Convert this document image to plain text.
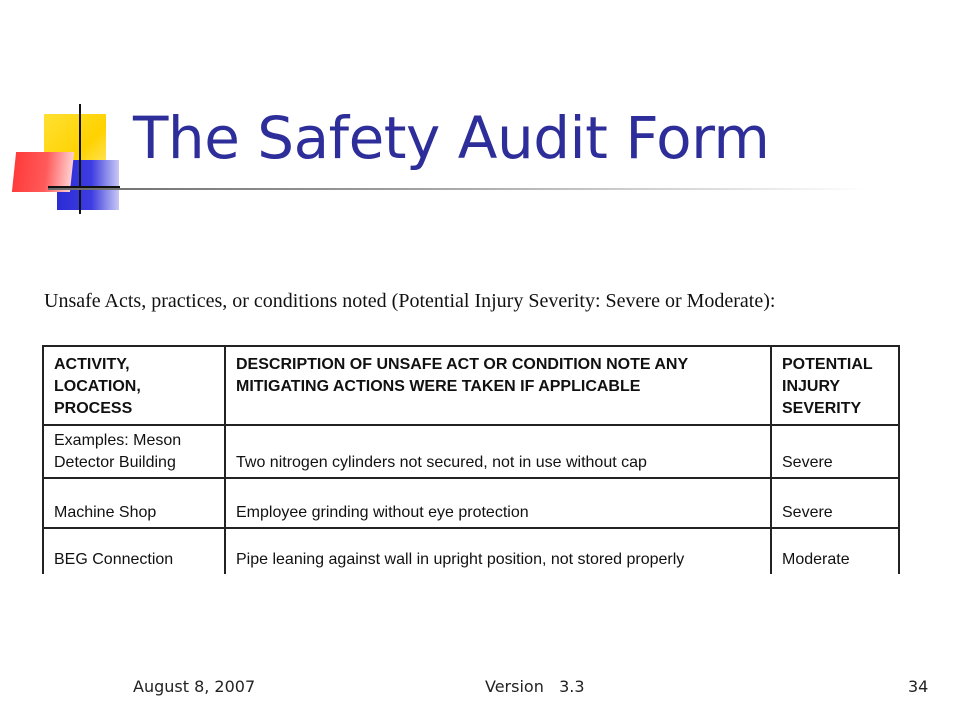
The Safety Audit Form
Unsafe Acts, practices, or conditions noted (Potential Injury Severity: Severe or Moderate):
ACTIVITY, LOCATION, PROCESS	DESCRIPTION OF UNSAFE ACT OR CONDITION NOTE ANY MITIGATING ACTIONS WERE TAKEN IF APPLICABLE	POTENTIAL INJURY SEVERITY
Examples: Meson Detector Building	Two nitrogen cylinders not secured, not in use without cap	Severe
Machine Shop	Employee grinding without eye protection	Severe
BEG Connection	Pipe leaning against wall in upright position, not stored properly	Moderate
August 8, 2007	Version   3.3	34
